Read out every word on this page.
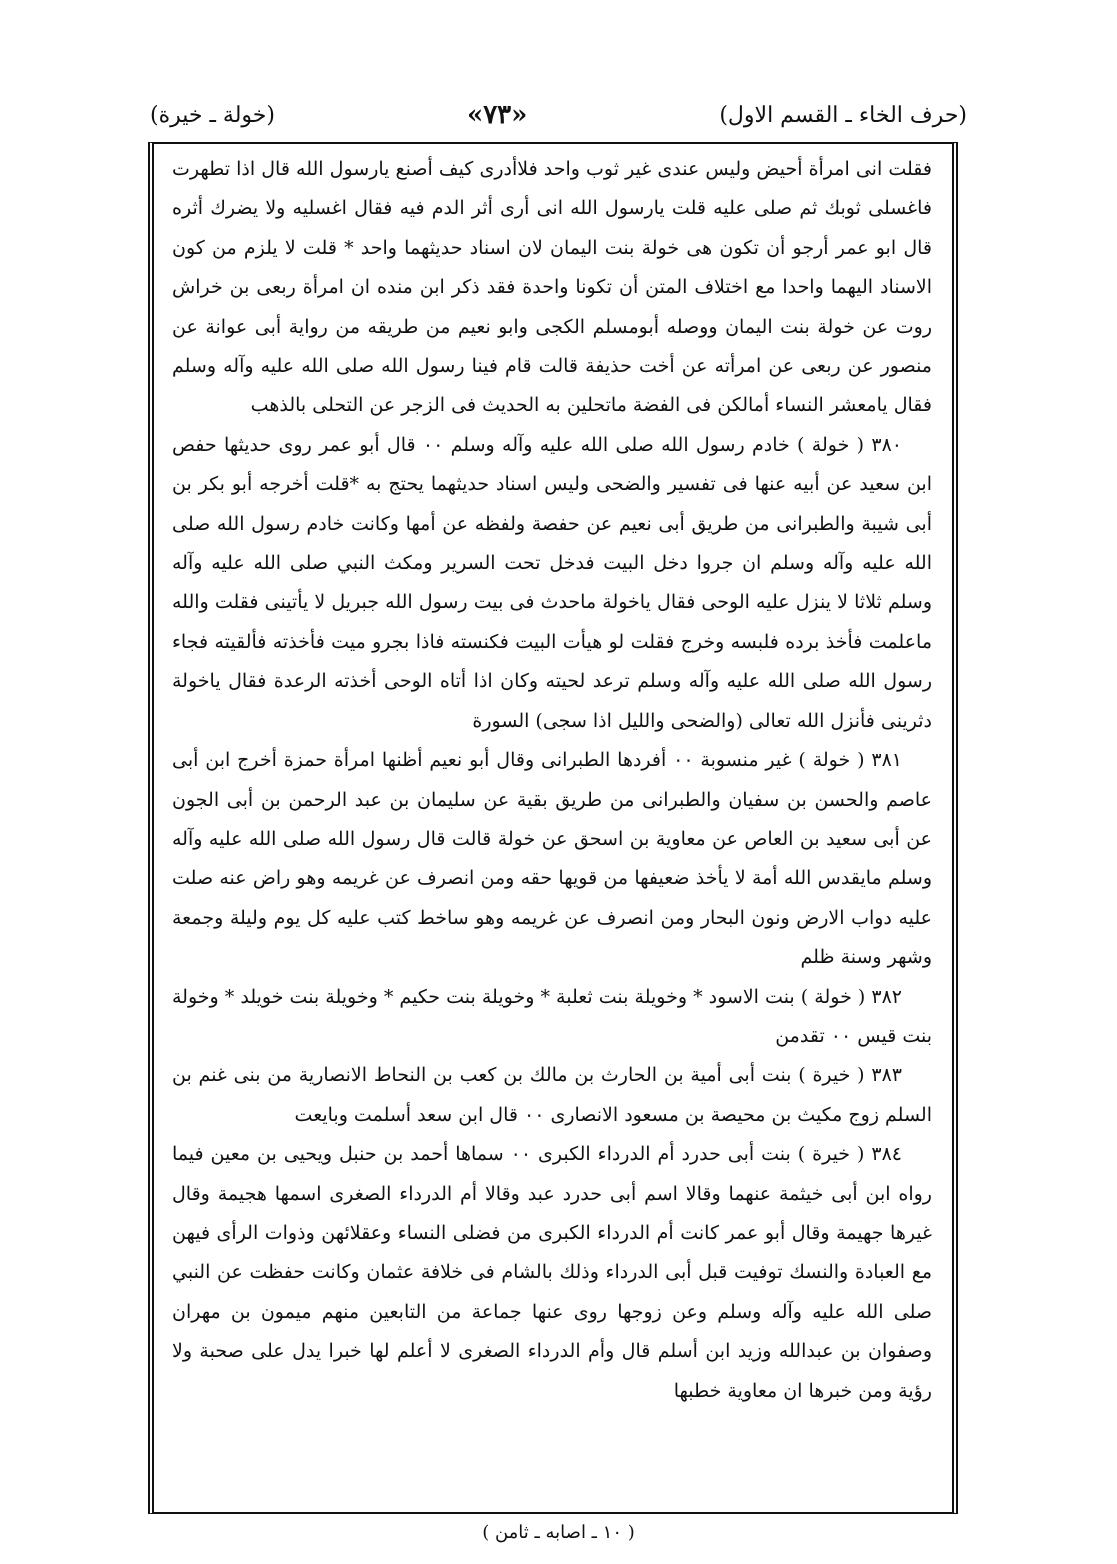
(حرف الخاء ـ القسم الاول)
«٧٣»
(خولة ـ خيرة)

فقلت انى امرأة أحيض وليس عندى غير ثوب واحد فلاأدرى كيف أصنع يارسول الله قال اذا تطهرت فاغسلى ثوبك ثم صلى عليه قلت يارسول الله انى أرى أثر الدم فيه فقال اغسليه ولا يضرك أثره قال ابو عمر أرجو أن تكون هى خولة بنت اليمان لان اسناد حديثهما واحد * قلت لا يلزم من كون الاسناد اليهما واحدا مع اختلاف المتن أن تكونا واحدة فقد ذكر ابن منده ان امرأة ربعى بن خراش روت عن خولة بنت اليمان ووصله أبومسلم الكجى وابو نعيم من طريقه من رواية أبى عوانة عن منصور عن ربعى عن امرأته عن أخت حذيفة قالت قام فينا رسول الله صلى الله عليه وآله وسلم فقال يامعشر النساء أمالكن فى الفضة ماتحلين به الحديث فى الزجر عن التحلى بالذهب

٣٨٠ ( خولة ) خادم رسول الله صلى الله عليه وآله وسلم ٠٠ قال أبو عمر روى حديثها حفص ابن سعيد عن أبيه عنها فى تفسير والضحى وليس اسناد حديثهما يحتج به *قلت أخرجه أبو بكر بن أبى شيبة والطبرانى من طريق أبى نعيم عن حفصة ولفظه عن أمها وكانت خادم رسول الله صلى الله عليه وآله وسلم ان جروا دخل البيت فدخل تحت السرير ومكث النبي صلى الله عليه وآله وسلم ثلاثا لا ينزل عليه الوحى فقال ياخولة ماحدث فى بيت رسول الله جبريل لا يأتينى فقلت والله ماعلمت فأخذ برده فلبسه وخرج فقلت لو هيأت البيت فكنسته فاذا بجرو ميت فأخذته فألقيته فجاء رسول الله صلى الله عليه وآله وسلم ترعد لحيته وكان اذا أتاه الوحى أخذته الرعدة فقال ياخولة دثرينى فأنزل الله تعالى (والضحى والليل اذا سجى) السورة

٣٨١ ( خولة ) غير منسوبة ٠٠ أفردها الطبرانى وقال أبو نعيم أظنها امرأة حمزة أخرج ابن أبى عاصم والحسن بن سفيان والطبرانى من طريق بقية عن سليمان بن عبد الرحمن بن أبى الجون عن أبى سعيد بن العاص عن معاوية بن اسحق عن خولة قالت قال رسول الله صلى الله عليه وآله وسلم مايقدس الله أمة لا يأخذ ضعيفها من قويها حقه ومن انصرف عن غريمه وهو راض عنه صلت عليه دواب الارض ونون البحار ومن انصرف عن غريمه وهو ساخط كتب عليه كل يوم وليلة وجمعة وشهر وسنة ظلم

٣٨٢ ( خولة ) بنت الاسود * وخويلة بنت ثعلبة * وخويلة بنت حكيم * وخويلة بنت خويلد * وخولة بنت قيس ٠٠ تقدمن

٣٨٣ ( خيرة ) بنت أبى أمية بن الحارث بن مالك بن كعب بن النحاط الانصارية من بنى غنم بن السلم زوج مكيث بن محيصة بن مسعود الانصارى ٠٠ قال ابن سعد أسلمت وبايعت

٣٨٤ ( خيرة ) بنت أبى حدرد أم الدرداء الكبرى ٠٠ سماها أحمد بن حنبل ويحيى بن معين فيما رواه ابن أبى خيثمة عنهما وقالا اسم أبى حدرد عبد وقالا أم الدرداء الصغرى اسمها هجيمة وقال غيرها جهيمة وقال أبو عمر كانت أم الدرداء الكبرى من فضلى النساء وعقلائهن وذوات الرأى فيهن مع العبادة والنسك توفيت قبل أبى الدرداء وذلك بالشام فى خلافة عثمان وكانت حفظت عن النبي صلى الله عليه وآله وسلم وعن زوجها روى عنها جماعة من التابعين منهم ميمون بن مهران وصفوان بن عبدالله وزيد ابن أسلم قال وأم الدرداء الصغرى لا أعلم لها خبرا يدل على صحبة ولا رؤية ومن خبرها ان معاوية خطبها

( ١٠ ـ اصابه ـ ثامن )
